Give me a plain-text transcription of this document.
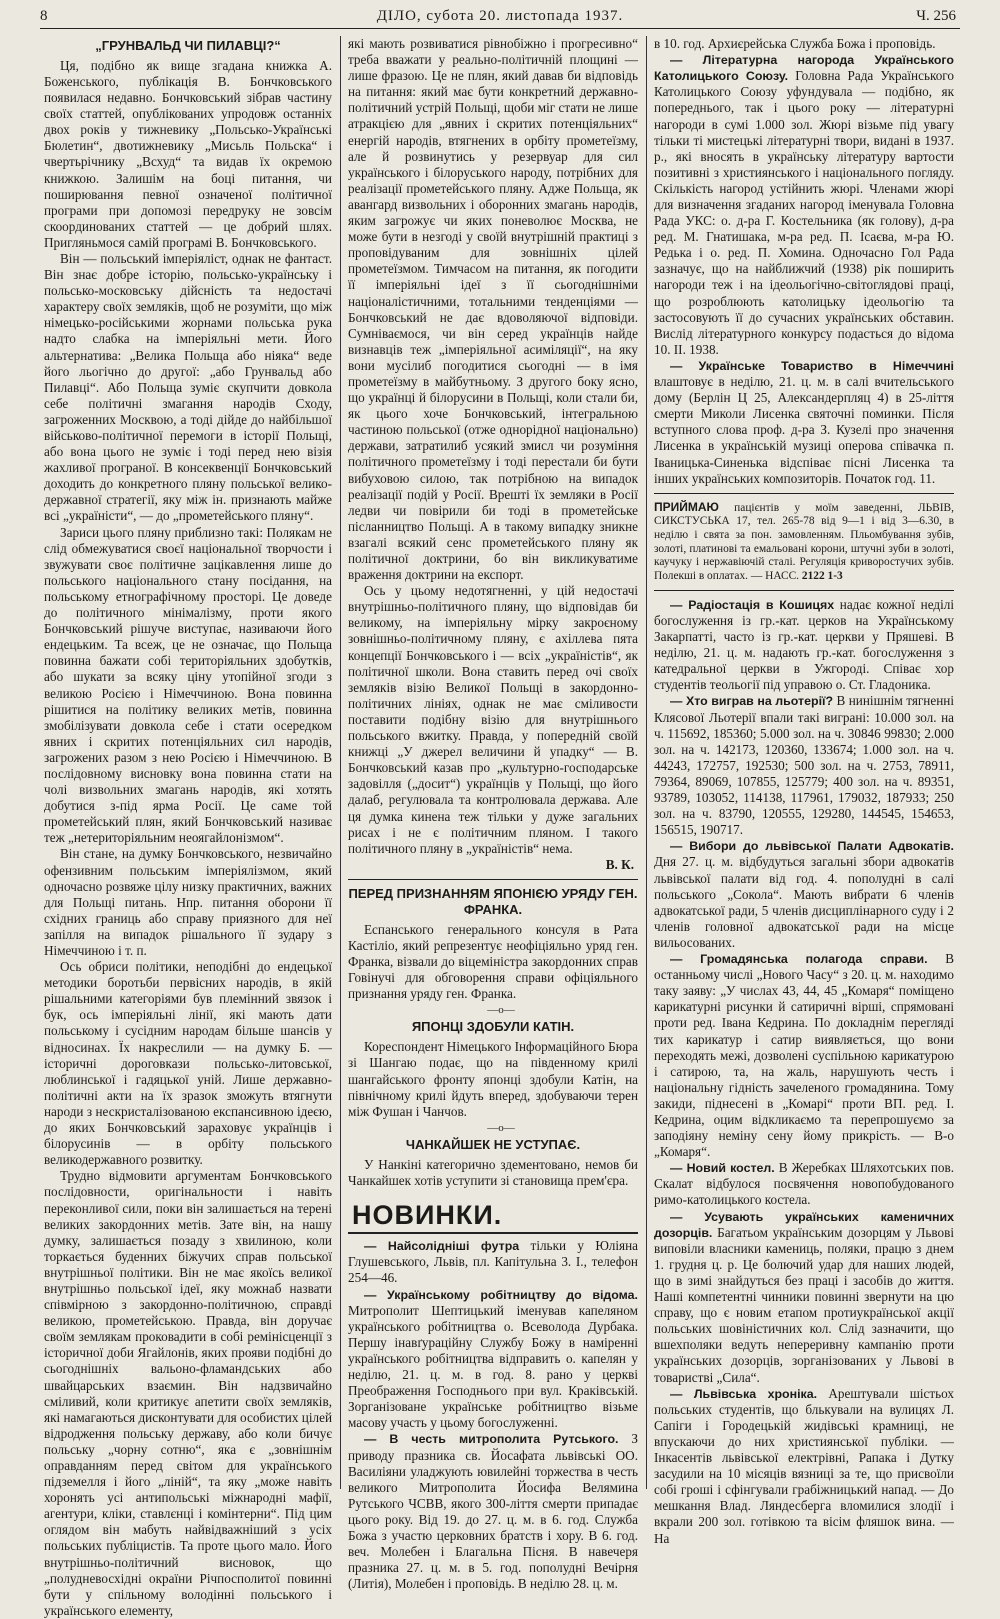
8	ДІЛО, субота 20. листопада 1937.	Ч. 256

„ГРУНВАЛЬД ЧИ ПИЛАВЦІ?“

Ця, подібно як вище згадана книжка А. Боженського, публікація В. Бончковського появилася недавно. Бончковський зібрав частину своїх статтей, опублікованих упродовж останніх двох років у тижневику „Польсько-Українські Бюлетин“, двотижневику „Мисьль Польска“ і чвертьрічнику „Всхуд“ та видав їх окремою книжкою. Залишім на боці питання, чи поширювання певної означеної політичної програми при допомозі передруку не зовсім скоординованих статтей — це добрий шлях. Пригляньмося самій програмі В. Бончковського.

Він — польський імперіяліст, однак не фантаст. Він знає добре історію, польсько-українську і польсько-московську дійсність та недостачі характеру своїх земляків, щоб не розуміти, що між німецько-російськими жорнами польська рука надто слабка на імперіяльні мети. Його альтернатива: „Велика Польща або ніяка“ веде його льогічно до другої: „або Грунвальд або Пилавці“. Або Польща зуміє скупчити довкола себе політичні змагання народів Сходу, загроженних Москвою, а тоді дійде до найбільшої військово-політичної перемоги в історії Польщі, або вона цього не зуміє і тоді перед нею візія жахливої програної. В консеквенції Бончковський доходить до конкретного пляну польської велико-державної стратегії, яку між ін. признають майже всі „україністи“, — до „прометейського пляну“.

Зариси цього пляну приблизно такі: Полякам не слід обмежуватися своєї національної творчости і звужувати своє політичне зацікавлення лише до польського національного стану посідання, на польському етнографічному просторі. Це доведе до політичного мінімалізму, проти якого Бончковський рішуче виступає, називаючи його ендецьким. Та всеж, це не означає, що Польща повинна бажати собі територіяльних здобутків, або шукати за всяку ціну утопійної згоди з великою Росією і Німеччиною. Вона повинна рішитися на політику великих метів, повинна змобілізувати довкола себе і стати осередком явних і скритих потенціяльних сил народів, загрожених разом з нею Росією і Німеччиною. В послідовному висновку вона повинна стати на чолі визвольних змагань народів, які хотять добутися з-під ярма Росії. Це саме той прометейський плян, який Бончковський називає теж „нетериторіяльним неоягайлонізмом“.

Він стане, на думку Бончковського, незвичайно офензивним польським імперіялізмом, який одночасно розвяже цілу низку практичних, важних для Польщі питань. Нпр. питання оборони її східних границь або справу приязного для неї запілля на випадок рішального її зудару з Німеччиною і т. п.

Ось обриси політики, неподібні до ендецької методики боротьби первісних народів, в якій рішальними категоріями був племінний звязок і бук, ось імперіяльні лінії, які мають дати польському і сусідним народам більше шансів у відносинах. Їх накреслили — на думку Б. — історичні дороговкази польсько-литовської, люблинської і гадяцької уній. Лише державно-політичні акти на їх зразок зможуть втягнути народи з нескристалізованою експансивною ідеєю, до яких Бончковський зараховує українців і білорусинів — в орбіту польського великодержавного розвитку.

Трудно відмовити аргументам Бончковського послідовности, оригінальности і навіть переконливої сили, поки він залишається на терені великих закордонних метів. Зате він, на нашу думку, залишається позаду з хвилиною, коли торкається буденних біжучих справ польської внутрішньої політики. Він не має якоїсь великої внутрішньо польської ідеї, яку можнаб назвати співмірною з закордонно-політичною, справді великою, прометейською. Правда, він доручає своїм землякам проковадити в собі ремінісценції з історичної доби Ягайлонів, яких прояви подібні до сьогоднішніх вальоно-фламандських або швайцарських взаємин. Він надзвичайно сміливий, коли критикує апетити своїх земляків, які намагаються дисконтувати для особистих цілей відродження польську державу, або коли бичує польську „чорну сотню“, яка є „зовнішнім оправданням перед світом для українського підземелля і його „ліній“, та яку „може навіть хоронять усі антипольські міжнародні мафії, агентури, кліки, ставлєнці і комінтерни“. Під цим оглядом він мабуть найвідважніший з усіх польських публіцистів. Та проте цього мало. Його внутрішньо-політичний висновок, що „полудневосхідні окраїни Річпосполитої повинні бути у спільному володінні польського і українського елементу,

які мають розвиватися рівнобіжно і прогресивно“ треба вважати у реально-політичній площині — лише фразою. Це не плян, який давав би відповідь на питання: який має бути конкретний державно-політичний устрій Польщі, щоби міг стати не лише атракцією для „явних і скритих потенціяльних“ енергій народів, втягнених в орбіту прометеїзму, але й розвинутись у резервуар для сил українського і білоруського народу, потрібних для реалізації прометейського пляну. Адже Польща, як авангард визвольних і оборонних змагань народів, яким загрожує чи яких поневолює Москва, не може бути в незгоді у своїй внутрішній практиці з проповідуваним для зовнішніх цілей прометеїзмом. Тимчасом на питання, як погодити її імперіяльні ідеї з її сьогоднішніми націоналістичними, тотальними тенденціями — Бончковський не дає вдоволяючої відповіди. Сумніваємося, чи він серед українців найде визнавців теж „імперіяльної асиміляції“, на яку вони мусілиб погодитися сьогодні — в імя прометеїзму в майбутньому. З другого боку ясно, що українці й білорусини в Польщі, коли стали би, як цього хоче Бончковський, інтегральною частиною польської (отже одноріднoї національно) держави, затратилиб усякий змисл чи розуміння політичного прометеїзму і тоді перестали би бути вибуховою силою, так потрібною на випадок реалізації подій у Росії. Врешті їх земляки в Росії ледви чи повірили би тоді в прометейське післанництво Польщі. А в такому випадку зникне взагалі всякий сенс прометейського пляну як політичної доктрини, бо він викликуватиме враження доктрини на експорт.

Ось у цьому недотягненні, у цій недостачі внутрішньо-політичного пляну, що відповідав би великому, на імперіяльну мірку закроєному зовнішньо-політичному пляну, є ахіллева пята концепції Бончковського і — всіх „україністів“, як політичної школи. Вона ставить перед очі своїх земляків візію Великої Польщі в закордонно-політичних лініях, однак не має сміливости поставити подібну візію для внутрішнього польського вжитку. Правда, у попередній своїй книжці „У джерел величини й упадку“ — В. Бончковський казав про „культурно-господарське задовілля („досит“) українців у Польщі, що його далаб, регулювала та контролювала держава. Але ця думка кинена теж тільки у дуже загальних рисах і не є політичним пляном. І такого політичного пляну в „україністів“ нема.

В. К.

ПЕРЕД ПРИЗНАННЯМ ЯПОНІЄЮ УРЯДУ ГЕН. ФРАНКА.

Еспанського генерального консуля в Рата Кастіліо, який репрезентує неофіціяльно уряд ген. Франка, візвали до віцеміністра закордонних справ Говінучі для обговорення справи офіціяльного признання уряду ген. Франка.

—о—

ЯПОНЦІ ЗДОБУЛИ КАТІН.

Кореспондент Німецького Інформаційного Бюра зі Шангаю подає, що на південному крилі шангайського фронту японці здобули Катін, на північному крилі йдуть вперед, здобуваючи терен між Фушан і Чанчов.

—о—

ЧАНКАЙШЕК НЕ УСТУПАЄ.

У Нанкіні категорично здементовано, немов би Чанкайшек хотів уступити зі становища прем'єра.

НОВИНКИ.

— Найсолідніші футра тільки у Юліяна Глушевського, Львів, пл. Капітульна 3. І., телефон 254—46.

— Українському робітництву до відома. Митрополит Шептицький іменував капеляном українського робітництва о. Всеволода Дурбака. Першу інавґураційну Службу Божу в наміренні українського робітництва відправить о. капелян у неділю, 21. ц. м. в год. 8. рано у церкві Преображення Господнього при вул. Краківській. Зорганізоване українське робітництво візьме масову участь у цьому богослуженні.

— В честь митрополита Рутського. З приводу празника св. Йосафата львівські ОО. Василіяни уладжують ювилейні торжества в честь великого Митрополита Йосифа Велямина Рутського ЧСВВ, якого 300-ліття смерти припадає цього року. Від 19. до 27. ц. м. в 6. год. Служба Божа з участю церковних братств і хору. В 6. год. веч. Молебен і Благальна Пісня. В навечеря празника 27. ц. м. в 5. год. пополудні Вечірня (Литія), Молебен і проповідь. В неділю 28. ц. м.

в 10. год. Архиєрейська Служба Божа і проповідь.

— Літературна нагорода Українського Католицького Союзу. Головна Рада Українського Католицького Союзу уфундувала — подібно, як попереднього, так і цього року — літературні нагороди в сумі 1.000 зол. Жюрі візьме під увагу тільки ті мистецькі літературні твори, видані в 1937. р., які вносять в українську літературу вартости позитивні з християнського і національного погляду. Скількість нагород устійнить жюрі. Членами жюрі для визначення згаданих нагород іменувала Головна Рада УКС: о. д-ра Г. Костельника (як голову), д-ра ред. М. Гнатишака, м-ра ред. П. Ісаєва, м-ра Ю. Редька і о. ред. П. Хомина. Одночасно Гол Рада зазначує, що на найближчий (1938) рік поширить нагороди теж і на ідеольогічно-світоглядові праці, що розроблюють католицьку ідеольогію та застосовують її до сучасних українських обставин. Вислід літературного конкурсу подасться до відома 10. ІІ. 1938.

— Українське Товариство в Німеччині влаштовує в неділю, 21. ц. м. в салі вчительського дому (Берлін Ц 25, Александерпляц 4) в 25-ліття смерти Миколи Лисенка святочні поминки. Після вступного слова проф. д-ра З. Кузелі про значення Лисенка в українській музиці оперова співачка п. Іваницька-Синенька відспіває пісні Лисенка та інших українських композиторів. Початок год. 11.

ПРИЙМАЮ пацієнтів у моїм заведенні, ЛЬВІВ, СИКСТУСЬКА 17, тел. 265-78 від 9—1 і від 3—6.30, в неділю і свята за пон. замовленням. Пльомбування зубів, золоті, платинові та емальовані корони, штучні зуби в золоті, каучуку і нержавіючій сталі. Регуляція криворостучих зубів. Полекші в оплатах. — НАСС. 2122 1-3

— Радіостація в Кошицях надає кожної неділі богослуження із гр.-кат. церков на Українському Закарпатті, часто із гр.-кат. церкви у Пряшеві. В неділю, 21. ц. м. надають гр.-кат. богослуження з катедральної церкви в Ужгороді. Співає хор студентів теольогії під управою о. Ст. Гладоника.

— Хто виграв на льотерії? В нинішнім тягненні Клясової Льотерії впали такі виграні: 10.000 зол. на ч. 115692, 185360; 5.000 зол. на ч. 30846 99830; 2.000 зол. на ч. 142173, 120360, 133674; 1.000 зол. на ч. 44243, 172757, 192530; 500 зол. на ч. 2753, 78911, 79364, 89069, 107855, 125779; 400 зол. на ч. 89351, 93789, 103052, 114138, 117961, 179032, 187933; 250 зол. на ч. 83790, 120555, 129280, 144545, 154653, 156515, 190717.

— Вибори до львівської Палати Адвокатів. Дня 27. ц. м. відбудуться загальні збори адвокатів львівської палати від год. 4. пополудні в салі польського „Сокола“. Мають вибрати 6 членів адвокатської ради, 5 членів дисциплінарного суду і 2 членів головної адвокатської ради на місце вильосованих.

— Громадянська полагода справи. В останньому числі „Нового Часу“ з 20. ц. м. находимо таку заяву: „У числах 43, 44, 45 „Комаря“ поміщено карикатурні рисунки й сатиричні вірші, спрямовані проти ред. Івана Кедрина. По докладнім перегляді тих карикатур і сатир виявляється, що вони переходять межі, дозволені суспільною карикатурою і сатирою, та, на жаль, нарушують честь і національну гідність зачеленого громадянина. Тому закиди, піднесені в „Комарі“ проти ВП. ред. І. Кедрина, оцим відкликаємо та перепрошуємо за заподіяну неміну сену йому прикрість. — В-о „Комаря“.

— Новий костел. В Жеребках Шляхотських пов. Скалат відбулося посвячення новопобудованого римо-католицького костела.

— Усувають українських каменичних дозорців. Багатьом українським дозорцям у Львові виповіли власники камениць, поляки, працю з днем 1. грудня ц. р. Це болючий удар для наших людей, що в зимі знайдуться без праці і засобів до життя. Наші компетентні чинники повинні звернути на цю справу, що є новим етапом протиукраїнської акції польських шовіністичних кол. Слід зазначити, що вшехполяки ведуть непереривну кампанію проти українських дозорців, зорганізованих у Львові в товаристві „Сила“.

— Львівська хроніка. Арештували шістьох польських студентів, що блькували на вулицях Л. Сапіги і Городецькій жидівські крамниці, не впускаючи до них християнської публіки. — Інкасентів львівської електрівні, Рапака і Дутку засудили на 10 місяців вязниці за те, що присвоїли собі гроші і сфінгували грабіжницький напад. — До мешкання Влад. Ляндесберга вломилися злодії і вкрали 200 зол. готівкою та вісім фляшок вина. — На
